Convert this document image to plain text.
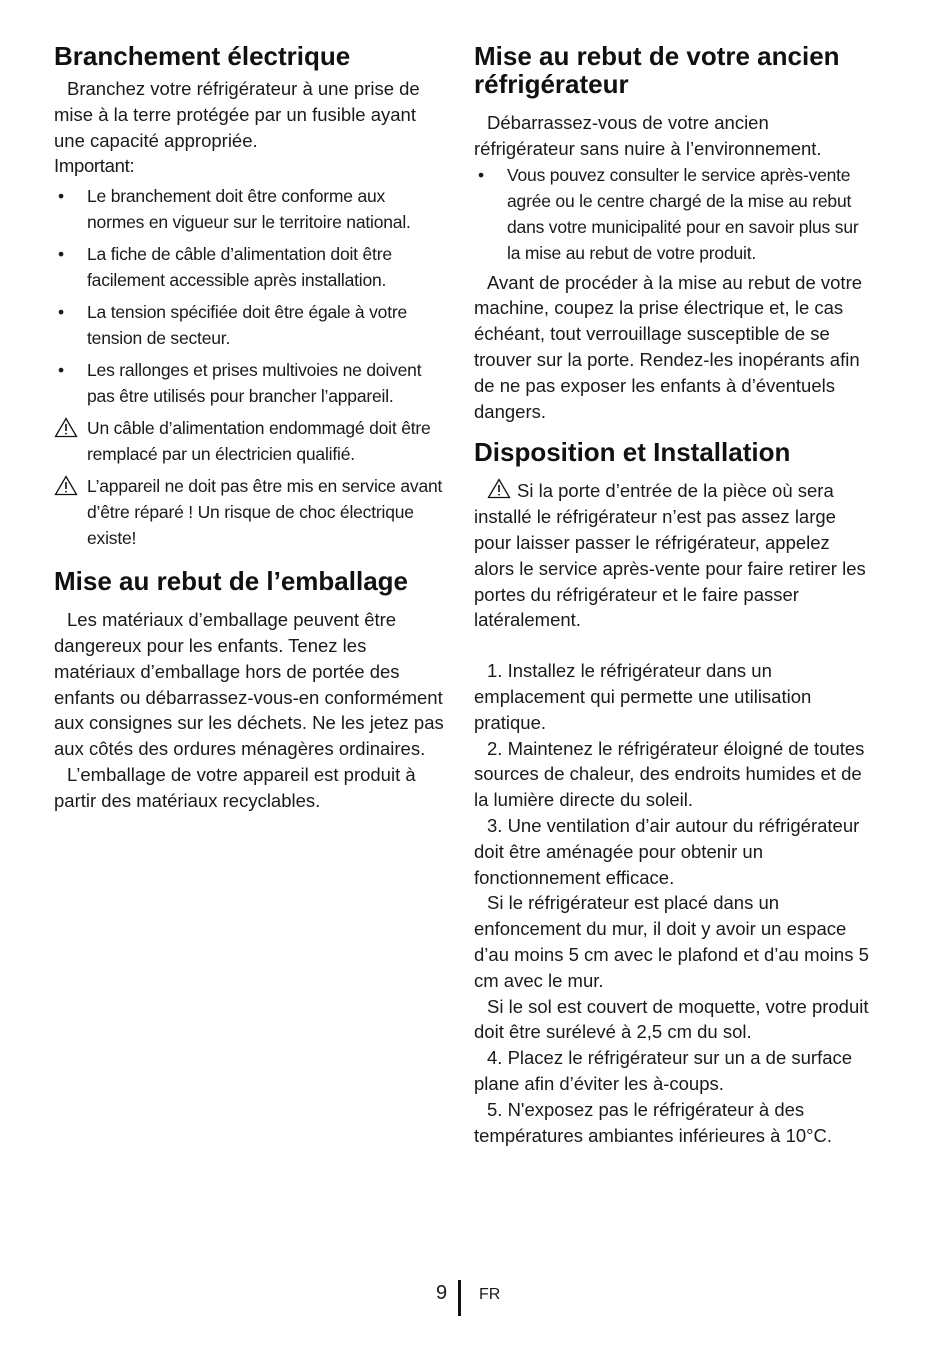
Branchement électrique

Branchez votre réfrigérateur à une prise de mise à la terre protégée par un fusible ayant une capacité appropriée.

Important:

• Le branchement doit être conforme aux normes en vigueur sur le territoire national.
• La fiche de câble d’alimentation doit être facilement accessible après installation.
• La tension spécifiée doit être égale à votre tension de secteur.
• Les rallonges et prises multivoies ne doivent pas être utilisés pour brancher l’appareil.
Un câble d’alimentation endommagé doit être remplacé par un électricien qualifié.
L’appareil ne doit pas être mis en service avant d’être réparé ! Un risque de choc électrique existe!
Mise au rebut de l’emballage

Les matériaux d’emballage peuvent être dangereux pour les enfants. Tenez les matériaux d’emballage hors de portée des enfants ou débarrassez-vous-en conformément aux consignes sur les déchets. Ne les jetez pas aux côtés des ordures ménagères ordinaires.

L’emballage de votre appareil est produit à partir des matériaux recyclables.

Mise au rebut de votre ancien réfrigérateur

Débarrassez-vous de votre ancien réfrigérateur sans nuire à l’environnement.

• Vous pouvez consulter le service après-vente agrée ou le centre chargé de la mise au rebut dans votre municipalité pour en savoir plus sur la mise au rebut de votre produit.

Avant de procéder à la mise au rebut de votre machine, coupez la prise électrique et, le cas échéant, tout verrouillage susceptible de se trouver sur la porte. Rendez-les inopérants afin de ne pas exposer les enfants à d’éventuels dangers.

Disposition et Installation

Si la porte d’entrée de la pièce où sera installé le réfrigérateur n’est pas assez large pour laisser passer le réfrigérateur, appelez alors le service après-vente pour faire retirer les portes du réfrigérateur et le faire passer latéralement.

1. Installez le réfrigérateur dans un emplacement qui permette une utilisation pratique.

2. Maintenez le réfrigérateur éloigné de toutes sources de chaleur, des endroits humides et de la lumière directe du soleil.

3. Une ventilation d’air autour du réfrigérateur doit être aménagée pour obtenir un fonctionnement efficace.

Si le réfrigérateur est placé dans un enfoncement du mur, il doit y avoir un espace d’au moins 5 cm avec le plafond et d’au moins 5 cm avec le mur.

Si le sol est couvert de moquette, votre produit doit être surélevé à 2,5 cm du sol.

4. Placez le réfrigérateur sur un a de surface plane afin d’éviter les à-coups.

5. N'exposez pas le réfrigérateur à des températures ambiantes inférieures à 10°C.

9 FR
